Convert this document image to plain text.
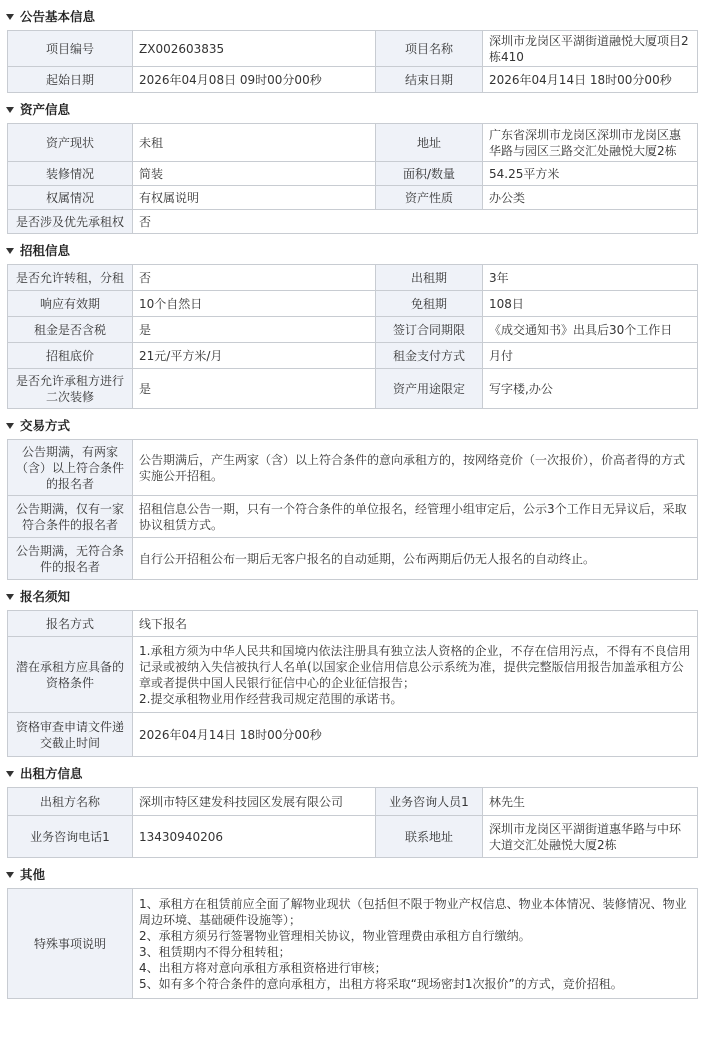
公告基本信息
项目编号	ZX002603835	项目名称	深圳市龙岗区平湖街道融悦大厦项目2栋410
起始日期	2026年04月08日 09时00分00秒	结束日期	2026年04月14日 18时00分00秒
资产信息
资产现状	未租	地址	广东省深圳市龙岗区深圳市龙岗区惠华路与园区三路交汇处融悦大厦2栋
装修情况	简装	面积/数量	54.25平方米
权属情况	有权属说明	资产性质	办公类
是否涉及优先承租权	否		
招租信息
是否允许转租，分租	否	出租期	3年
响应有效期	10个自然日	免租期	108日
租金是否含税	是	签订合同期限	《成交通知书》出具后30个工作日
招租底价	21元/平方米/月	租金支付方式	月付
是否允许承租方进行二次装修	是	资产用途限定	写字楼,办公
交易方式
公告期满，有两家（含）以上符合条件的报名者	公告期满后，产生两家（含）以上符合条件的意向承租方的，按网络竞价（一次报价），价高者得的方式实施公开招租。
公告期满，仅有一家符合条件的报名者	招租信息公告一期，只有一个符合条件的单位报名，经管理小组审定后，公示3个工作日无异议后，采取协议租赁方式。
公告期满，无符合条件的报名者	自行公开招租公布一期后无客户报名的自动延期，公布两期后仍无人报名的自动终止。
报名须知
报名方式	线下报名
潜在承租方应具备的资格条件	1.承租方须为中华人民共和国境内依法注册具有独立法人资格的企业，不存在信用污点，不得有不良信用记录或被纳入失信被执行人名单(以国家企业信用信息公示系统为准，提供完整版信用报告加盖承租方公章或者提供中国人民银行征信中心的企业征信报告；
2.提交承租物业用作经营我司规定范围的承诺书。
资格审查申请文件递交截止时间	2026年04月14日 18时00分00秒
出租方信息
出租方名称	深圳市特区建发科技园区发展有限公司	业务咨询人员1	林先生
业务咨询电话1	13430940206	联系地址	深圳市龙岗区平湖街道惠华路与中环大道交汇处融悦大厦2栋
其他
特殊事项说明	1、承租方在租赁前应全面了解物业现状（包括但不限于物业产权信息、物业本体情况、装修情况、物业周边环境、基础硬件设施等）；
2、承租方须另行签署物业管理相关协议，物业管理费由承租方自行缴纳。
3、租赁期内不得分租转租；
4、出租方将对意向承租方承租资格进行审核；
5、如有多个符合条件的意向承租方，出租方将采取“现场密封1次报价”的方式，竞价招租。
